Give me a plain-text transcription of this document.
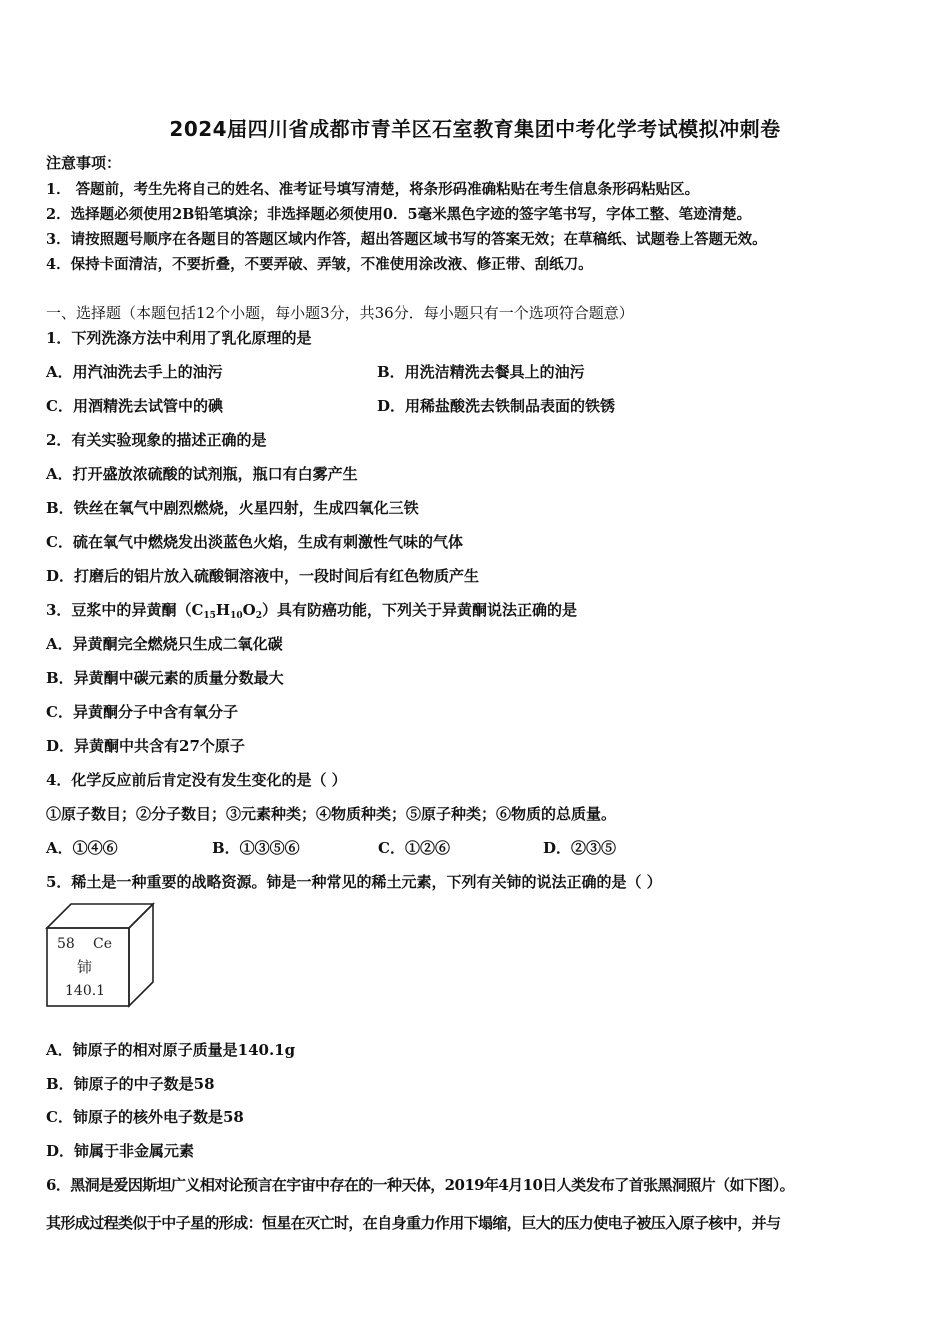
2024届四川省成都市青羊区石室教育集团中考化学考试模拟冲刺卷
注意事项：
1． 答题前，考生先将自己的姓名、准考证号填写清楚，将条形码准确粘贴在考生信息条形码粘贴区。
2．选择题必须使用2B铅笔填涂；非选择题必须使用0．5毫米黑色字迹的签字笔书写，字体工整、笔迹清楚。
3．请按照题号顺序在各题目的答题区域内作答，超出答题区域书写的答案无效；在草稿纸、试题卷上答题无效。
4．保持卡面清洁，不要折叠，不要弄破、弄皱，不准使用涂改液、修正带、刮纸刀。
一、选择题（本题包括12个小题，每小题3分，共36分．每小题只有一个选项符合题意）
1．下列洗涤方法中利用了乳化原理的是
A．用汽油洗去手上的油污	B．用洗洁精洗去餐具上的油污
C．用酒精洗去试管中的碘	D．用稀盐酸洗去铁制品表面的铁锈
2．有关实验现象的描述正确的是
A．打开盛放浓硫酸的试剂瓶，瓶口有白雾产生
B．铁丝在氧气中剧烈燃烧，火星四射，生成四氧化三铁
C．硫在氧气中燃烧发出淡蓝色火焰，生成有刺激性气味的气体
D．打磨后的铝片放入硫酸铜溶液中，一段时间后有红色物质产生
3．豆浆中的异黄酮$(C_{15}H_{10}O_2)$具有防癌功能，下列关于异黄酮说法正确的是
A．异黄酮完全燃烧只生成二氧化碳
B．异黄酮中碳元素的质量分数最大
C．异黄酮分子中含有氧分子
D．异黄酮中共含有27个原子
4．化学反应前后肯定没有发生变化的是（ ）
①原子数目；②分子数目；③元素种类；④物质种类；⑤原子种类；⑥物质的总质量。
A．①④⑥	B．①③⑤⑥	C．①②⑥	D．②③⑤
5．稀土是一种重要的战略资源。铈是一种常见的稀土元素，下列有关铈的说法正确的是（ ）
58 Ce
铈
140.1
A．铈原子的相对原子质量是140.1g
B．铈原子的中子数是58
C．铈原子的核外电子数是58
D．铈属于非金属元素
6．黑洞是爱因斯坦广义相对论预言在宇宙中存在的一种天体，2019年4月10日人类发布了首张黑洞照片（如下图）。
其形成过程类似于中子星的形成：恒星在灭亡时，在自身重力作用下塌缩，巨大的压力使电子被压入原子核中，并与
